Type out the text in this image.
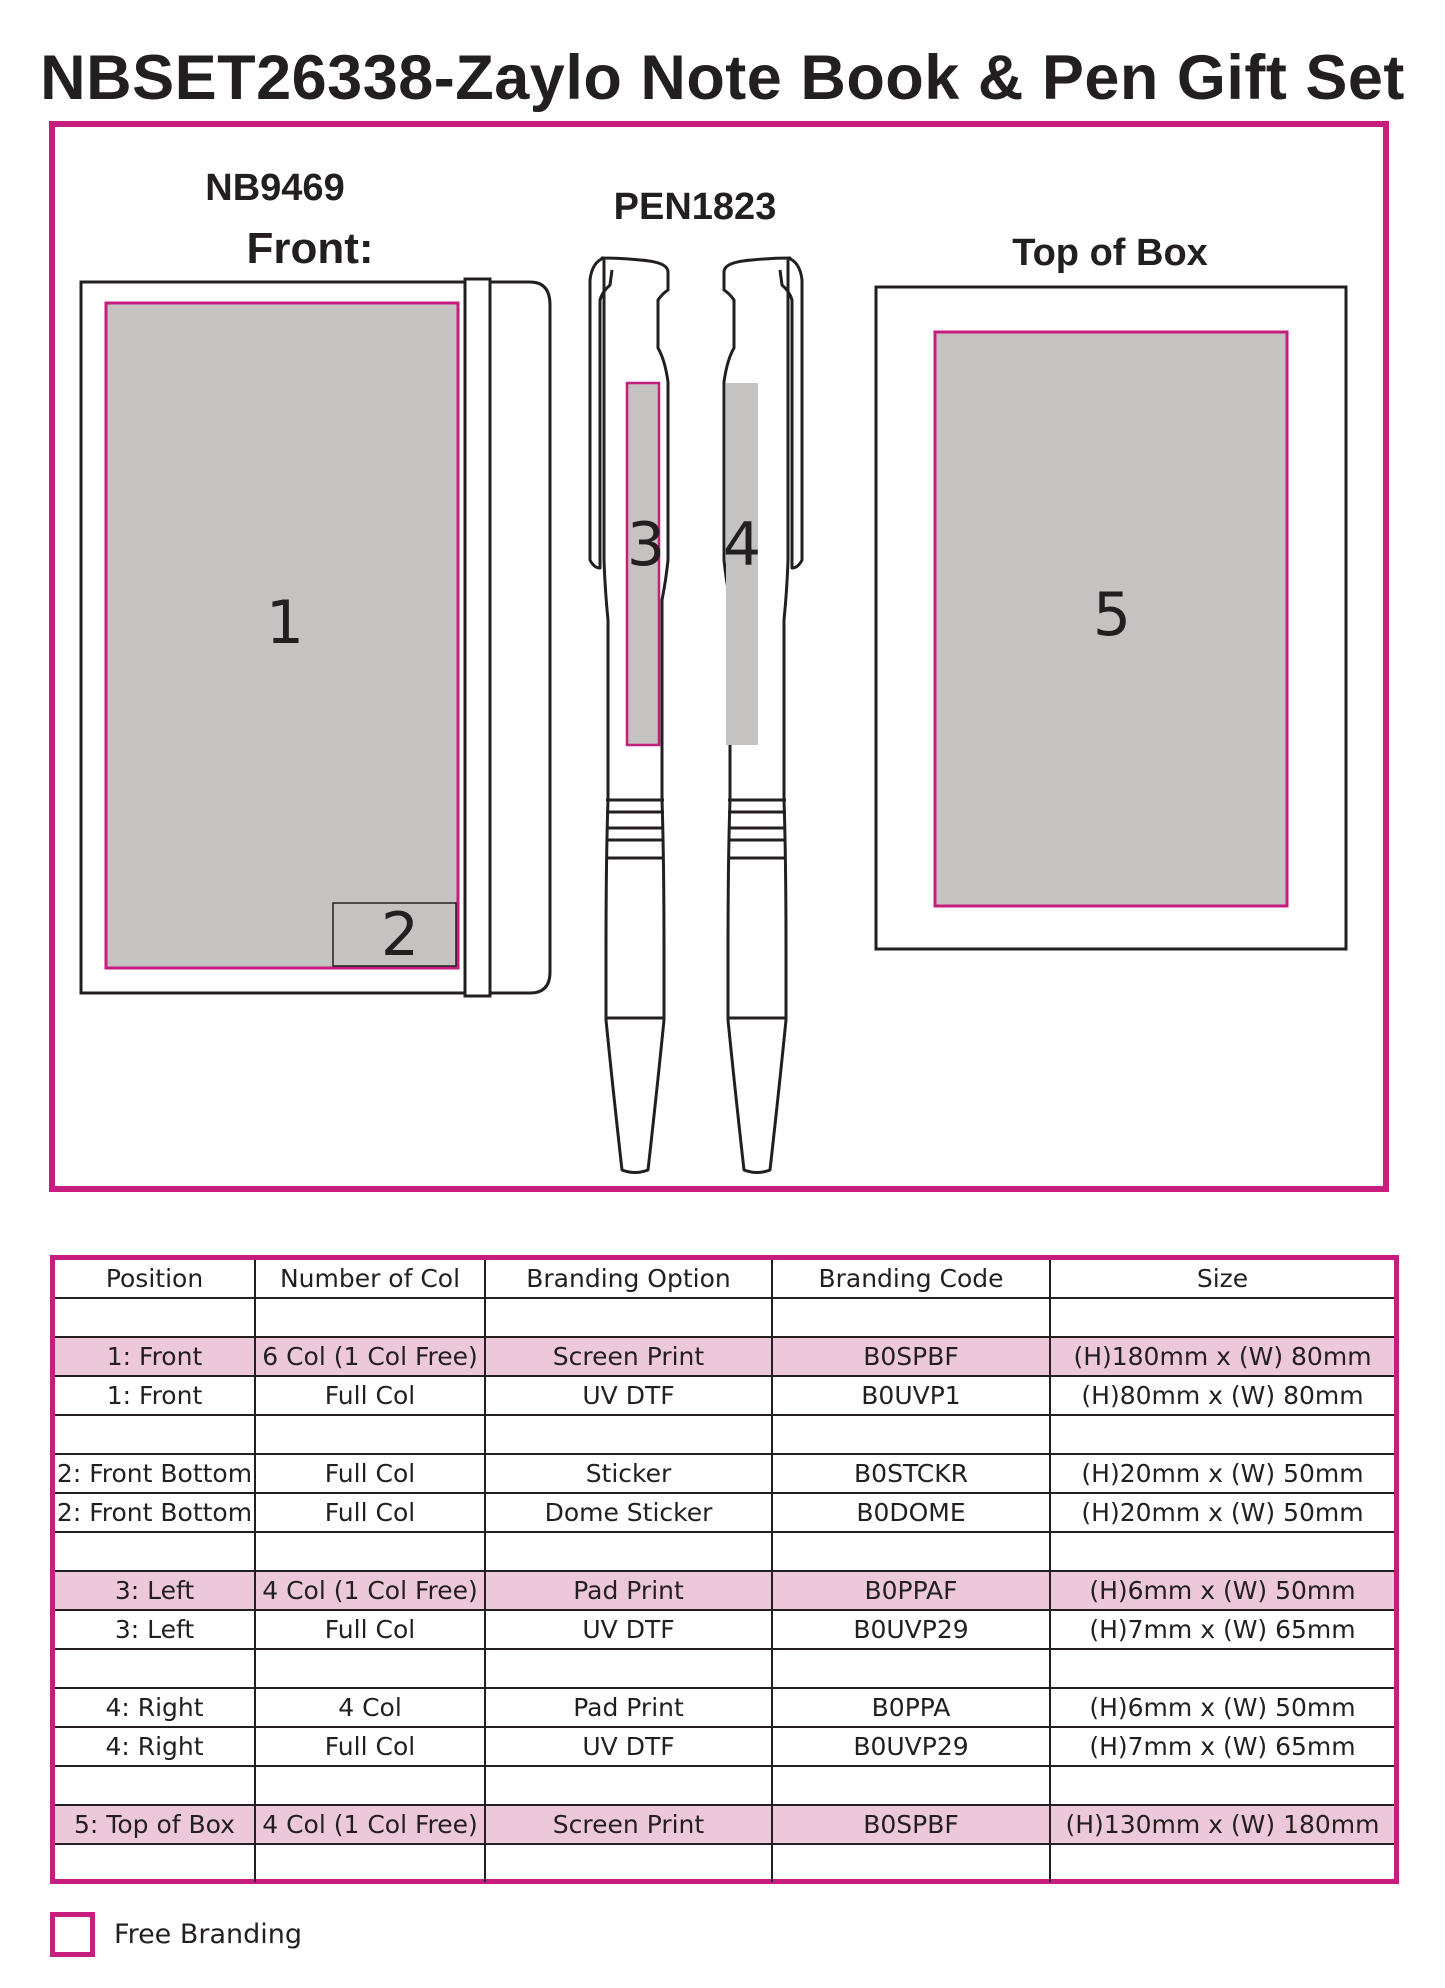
NBSET26338-Zaylo Note Book & Pen Gift Set
NB9469
Front:
PEN1823
Top of Box
1
2
3 4
5
Position	Number of Col	Branding Option	Branding Code	Size

1: Front	6 Col (1 Col Free)	Screen Print	B0SPBF	(H)180mm x (W) 80mm
1: Front	Full Col	UV DTF	B0UVP1	(H)80mm x (W) 80mm

2: Front Bottom	Full Col	Sticker	B0STCKR	(H)20mm x (W) 50mm
2: Front Bottom	Full Col	Dome Sticker	B0DOME	(H)20mm x (W) 50mm

3: Left	4 Col (1 Col Free)	Pad Print	B0PPAF	(H)6mm x (W) 50mm
3: Left	Full Col	UV DTF	B0UVP29	(H)7mm x (W) 65mm

4: Right	4 Col	Pad Print	B0PPA	(H)6mm x (W) 50mm
4: Right	Full Col	UV DTF	B0UVP29	(H)7mm x (W) 65mm

5: Top of Box	4 Col (1 Col Free)	Screen Print	B0SPBF	(H)130mm x (W) 180mm

Free Branding
